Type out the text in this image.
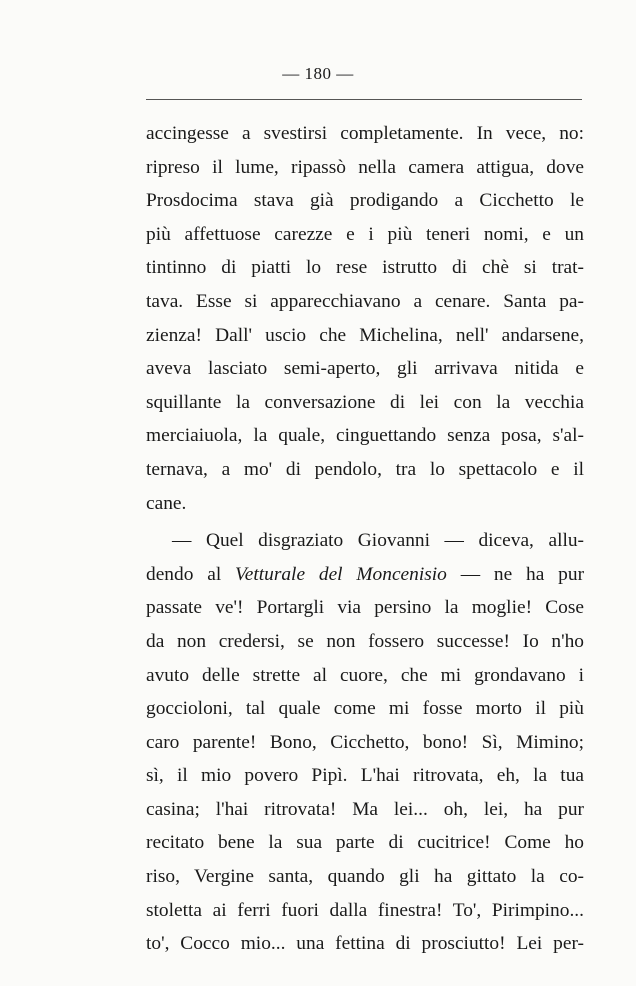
— 180 —
accingesse a svestirsi completamente. In vece, no:
ripreso il lume, ripassò nella camera attigua, dove
Prosdocima stava già prodigando a Cicchetto le
più affettuose carezze e i più teneri nomi, e un
tintinno di piatti lo rese istrutto di chè si trat-
tava. Esse si apparecchiavano a cenare. Santa pa-
zienza! Dall' uscio che Michelina, nell' andarsene,
aveva lasciato semi-aperto, gli arrivava nitida e
squillante la conversazione di lei con la vecchia
merciaiuola, la quale, cinguettando senza posa, s'al-
ternava, a mo' di pendolo, tra lo spettacolo e il
cane.
— Quel disgraziato Giovanni — diceva, allu-
dendo al Vetturale del Moncenisio — ne ha pur
passate ve'! Portargli via persino la moglie! Cose
da non credersi, se non fossero successe! Io n'ho
avuto delle strette al cuore, che mi grondavano i
goccioloni, tal quale come mi fosse morto il più
caro parente! Bono, Cicchetto, bono! Sì, Mimino;
sì, il mio povero Pipì. L'hai ritrovata, eh, la tua
casina; l'hai ritrovata! Ma lei... oh, lei, ha pur
recitato bene la sua parte di cucitrice! Come ho
riso, Vergine santa, quando gli ha gittato la co-
stoletta ai ferri fuori dalla finestra! To', Pirimpino...
to', Cocco mio... una fettina di prosciutto! Lei per-
